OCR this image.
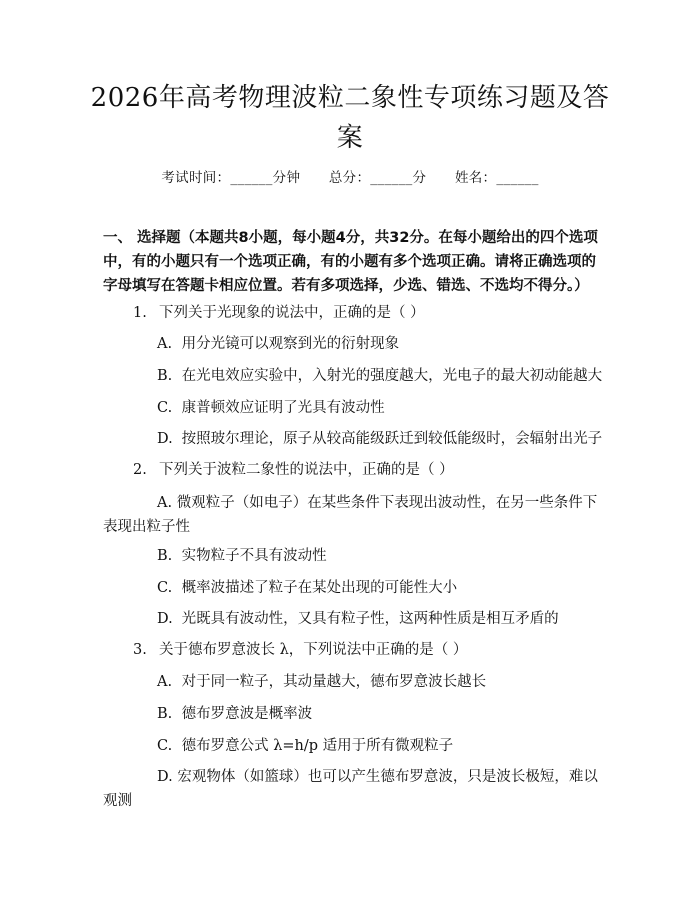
2026年高考物理波粒二象性专项练习题及答案
考试时间：______分钟 总分：______分 姓名：______
一、 选择题（本题共8小题，每小题4分，共32分。在每小题给出的四个选项中，有的小题只有一个选项正确，有的小题有多个选项正确。请将正确选项的字母填写在答题卡相应位置。若有多项选择，少选、错选、不选均不得分。）
1. 下列关于光现象的说法中，正确的是（ ）
A. 用分光镜可以观察到光的衍射现象
B. 在光电效应实验中，入射光的强度越大，光电子的最大初动能越大
C. 康普顿效应证明了光具有波动性
D. 按照玻尔理论，原子从较高能级跃迁到较低能级时，会辐射出光子
2. 下列关于波粒二象性的说法中，正确的是（ ）
A. 微观粒子（如电子）在某些条件下表现出波动性，在另一些条件下表现出粒子性
B. 实物粒子不具有波动性
C. 概率波描述了粒子在某处出现的可能性大小
D. 光既具有波动性，又具有粒子性，这两种性质是相互矛盾的
3. 关于德布罗意波长 λ，下列说法中正确的是（ ）
A. 对于同一粒子，其动量越大，德布罗意波长越长
B. 德布罗意波是概率波
C. 德布罗意公式 λ=h/p 适用于所有微观粒子
D. 宏观物体（如篮球）也可以产生德布罗意波，只是波长极短，难以观测
